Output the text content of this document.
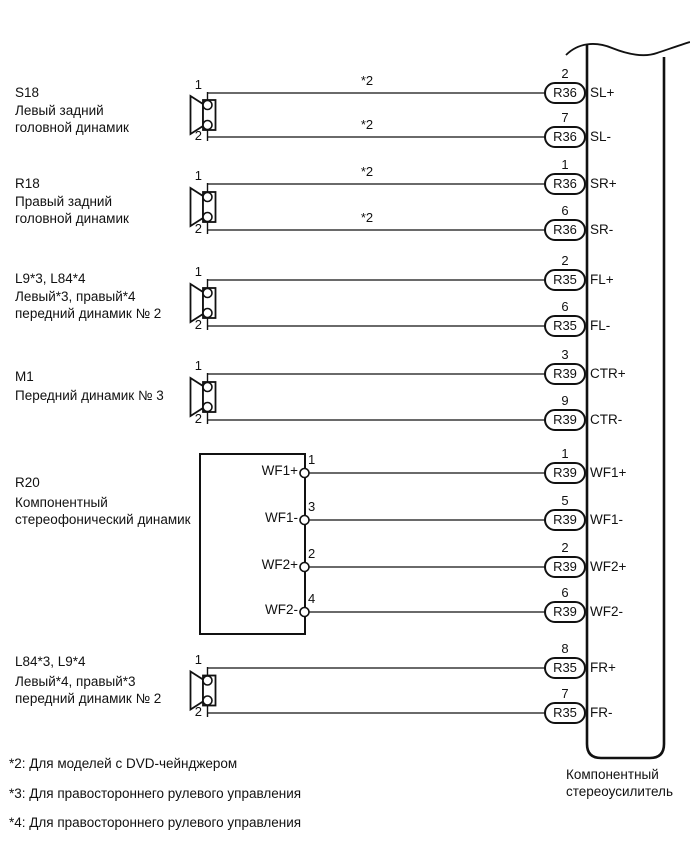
S18
Левый задний
головной динамик
R18
Правый задний
головной динамик
L9*3, L84*4
Левый*3, правый*4
передний динамик № 2
M1
Передний динамик № 3
R20
Компонентный
стереофонический динамик
L84*3, L9*4
Левый*4, правый*3
передний динамик № 2
1
2
1
2
1
2
1
2
1
2
WF1+
WF1-
WF2+
WF2-
1
3
2
4
*2
*2
*2
*2
2
R36 SL+
7
R36 SL-
1
R36 SR+
6
R36 SR-
2
R35 FL+
6
R35 FL-
3
R39 CTR+
9
R39 CTR-
1
R39 WF1+
5
R39 WF1-
2
R39 WF2+
6
R39 WF2-
8
R35 FR+
7
R35 FR-
Компонентный
стереоусилитель
*2: Для моделей с DVD-чейнджером
*3: Для правостороннего рулевого управления
*4: Для правостороннего рулевого управления
